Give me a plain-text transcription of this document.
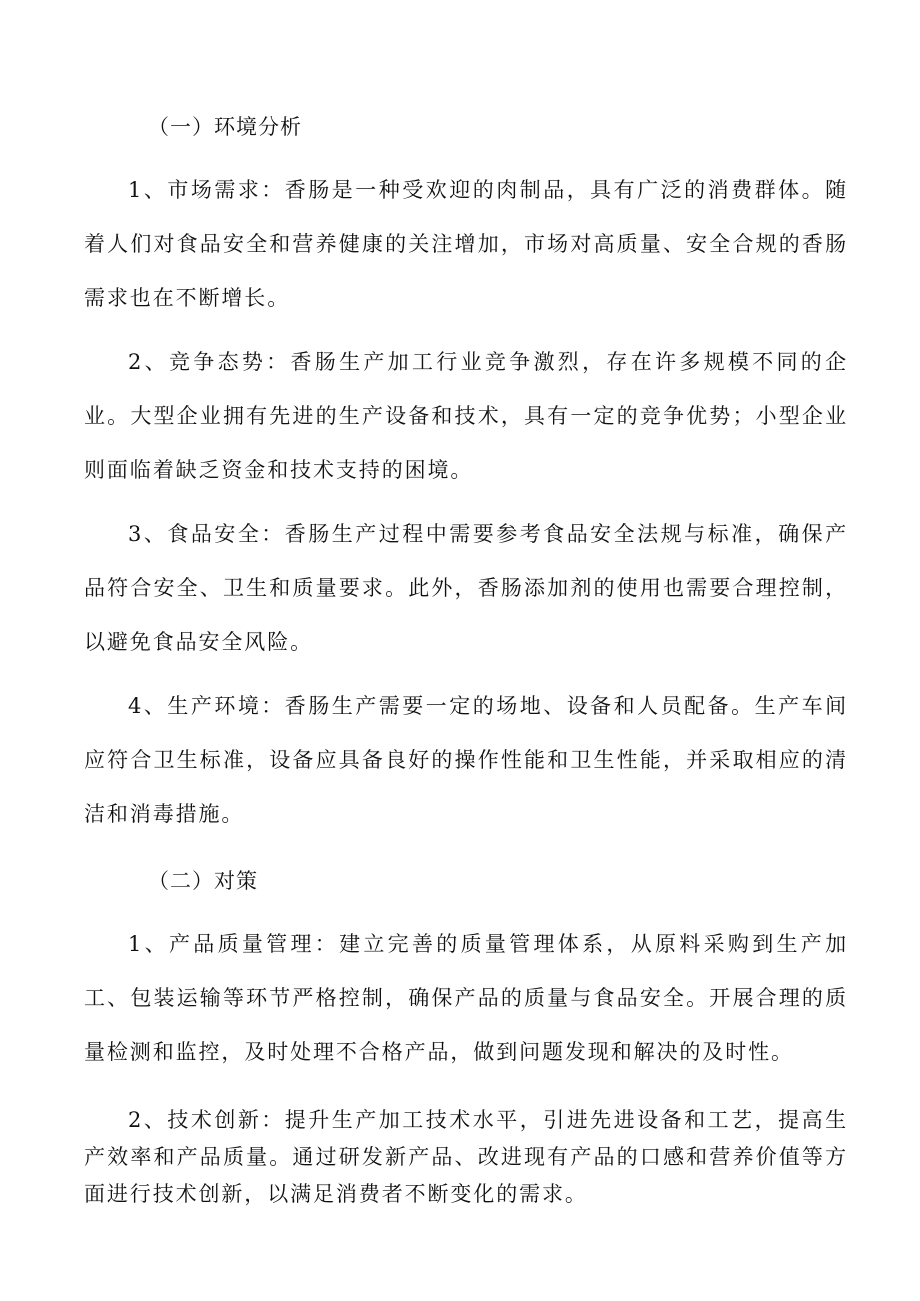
（一）环境分析

1、市场需求：香肠是一种受欢迎的肉制品，具有广泛的消费群体。随着人们对食品安全和营养健康的关注增加，市场对高质量、安全合规的香肠需求也在不断增长。

2、竞争态势：香肠生产加工行业竞争激烈，存在许多规模不同的企业。大型企业拥有先进的生产设备和技术，具有一定的竞争优势；小型企业则面临着缺乏资金和技术支持的困境。

3、食品安全：香肠生产过程中需要参考食品安全法规与标准，确保产品符合安全、卫生和质量要求。此外，香肠添加剂的使用也需要合理控制，以避免食品安全风险。

4、生产环境：香肠生产需要一定的场地、设备和人员配备。生产车间应符合卫生标准，设备应具备良好的操作性能和卫生性能，并采取相应的清洁和消毒措施。

（二）对策

1、产品质量管理：建立完善的质量管理体系，从原料采购到生产加工、包装运输等环节严格控制，确保产品的质量与食品安全。开展合理的质量检测和监控，及时处理不合格产品，做到问题发现和解决的及时性。

2、技术创新：提升生产加工技术水平，引进先进设备和工艺，提高生产效率和产品质量。通过研发新产品、改进现有产品的口感和营养价值等方面进行技术创新，以满足消费者不断变化的需求。
